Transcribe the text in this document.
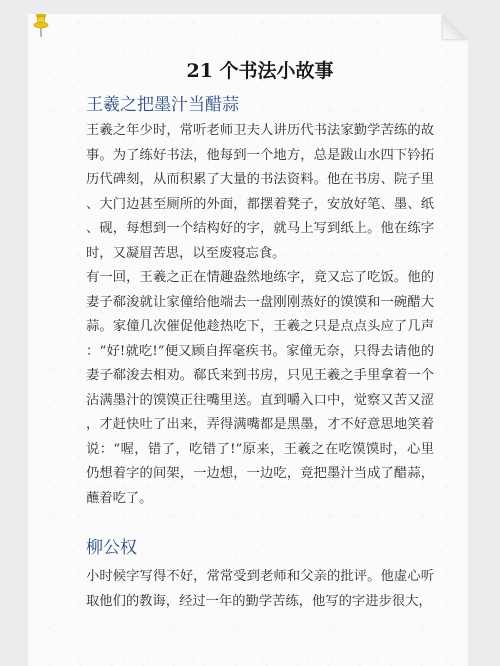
21 个书法小故事
王羲之把墨汁当醋蒜

王羲之年少时，常听老师卫夫人讲历代书法家勤学苦练的故事。为了练好书法，他每到一个地方，总是跋山水四下钤拓历代碑刻，从而积累了大量的书法资料。他在书房、院子里、大门边甚至厕所的外面，都摆着凳子，安放好笔、墨、纸、砚，每想到一个结构好的字，就马上写到纸上。他在练字时，又凝眉苦思，以至废寝忘食。

有一回，王羲之正在情趣盎然地练字，竟又忘了吃饭。他的妻子郗浚就让家僮给他端去一盘刚刚蒸好的馍馍和一碗醋大蒜。家僮几次催促他趁热吃下，王羲之只是点点头应了几声：“好!就吃!”便又顾自挥毫疾书。家僮无奈，只得去请他的妻子郗浚去相劝。郗氏来到书房，只见王羲之手里拿着一个沾满墨汁的馍馍正往嘴里送。直到嚼入口中，觉察又苦又涩，才赶快吐了出来，弄得满嘴都是黑墨，才不好意思地笑着说：“喔，错了，吃错了!”原来，王羲之在吃馍馍时，心里仍想着字的间架，一边想，一边吃，竟把墨汁当成了醋蒜，蘸着吃了。

柳公权

小时候字写得不好，常常受到老师和父亲的批评。他虚心听取他们的教诲，经过一年的勤学苦练，他写的字进步很大，
